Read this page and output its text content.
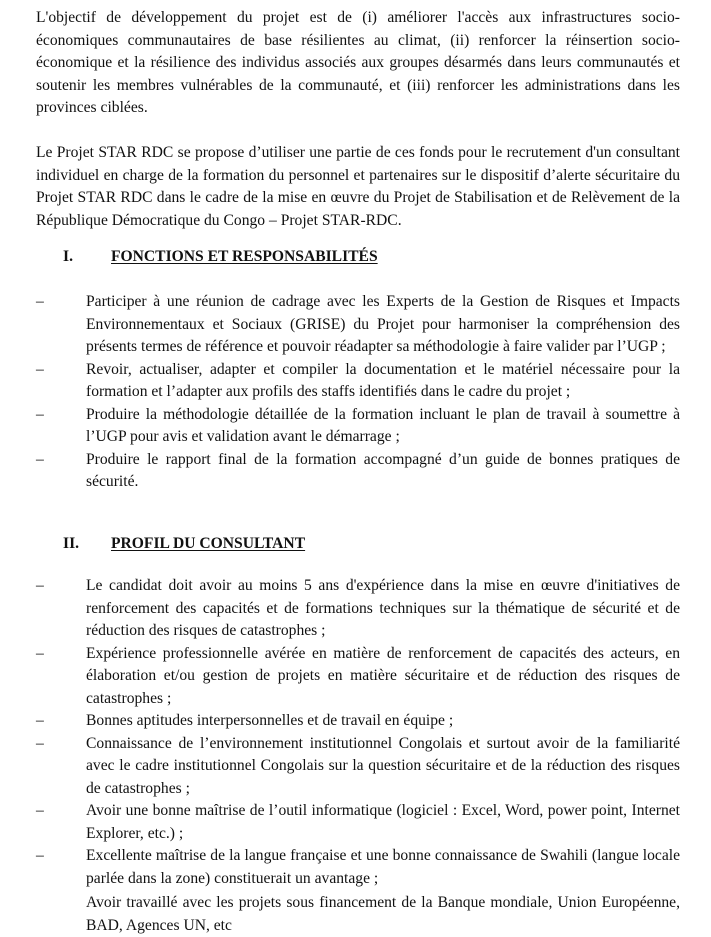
L'objectif de développement du projet est de (i) améliorer l'accès aux infrastructures socio-économiques communautaires de base résilientes au climat, (ii) renforcer la réinsertion socio-économique et la résilience des individus associés aux groupes désarmés dans leurs communautés et soutenir les membres vulnérables de la communauté, et (iii) renforcer les administrations dans les provinces ciblées.

Le Projet STAR RDC se propose d’utiliser une partie de ces fonds pour le recrutement d'un consultant individuel en charge de la formation du personnel et partenaires sur le dispositif d’alerte sécuritaire du Projet STAR RDC dans le cadre de la mise en œuvre du Projet de Stabilisation et de Relèvement de la République Démocratique du Congo – Projet STAR-RDC.

I. FONCTIONS ET RESPONSABILITÉS
–	Participer à une réunion de cadrage avec les Experts de la Gestion de Risques et Impacts Environnementaux et Sociaux (GRISE) du Projet pour harmoniser la compréhension des présents termes de référence et pouvoir réadapter sa méthodologie à faire valider par l’UGP ;
–	Revoir, actualiser, adapter et compiler la documentation et le matériel nécessaire pour la formation et l’adapter aux profils des staffs identifiés dans le cadre du projet ;
–	Produire la méthodologie détaillée de la formation incluant le plan de travail à soumettre à l’UGP pour avis et validation avant le démarrage ;
–	Produire le rapport final de la formation accompagné d’un guide de bonnes pratiques de sécurité.
II. PROFIL DU CONSULTANT
–	Le candidat doit avoir au moins 5 ans d'expérience dans la mise en œuvre d'initiatives de renforcement des capacités et de formations techniques sur la thématique de sécurité et de réduction des risques de catastrophes ;
–	Expérience professionnelle avérée en matière de renforcement de capacités des acteurs, en élaboration et/ou gestion de projets en matière sécuritaire et de réduction des risques de catastrophes ;
–	Bonnes aptitudes interpersonnelles et de travail en équipe ;
–	Connaissance de l’environnement institutionnel Congolais et surtout avoir de la familiarité avec le cadre institutionnel Congolais sur la question sécuritaire et de la réduction des risques de catastrophes ;
–	Avoir une bonne maîtrise de l’outil informatique (logiciel : Excel, Word, power point, Internet Explorer, etc.) ;
–	Excellente maîtrise de la langue française et une bonne connaissance de Swahili (langue locale parlée dans la zone) constituerait un avantage ;
Avoir travaillé avec les projets sous financement de la Banque mondiale, Union Européenne, BAD, Agences UN, etc
